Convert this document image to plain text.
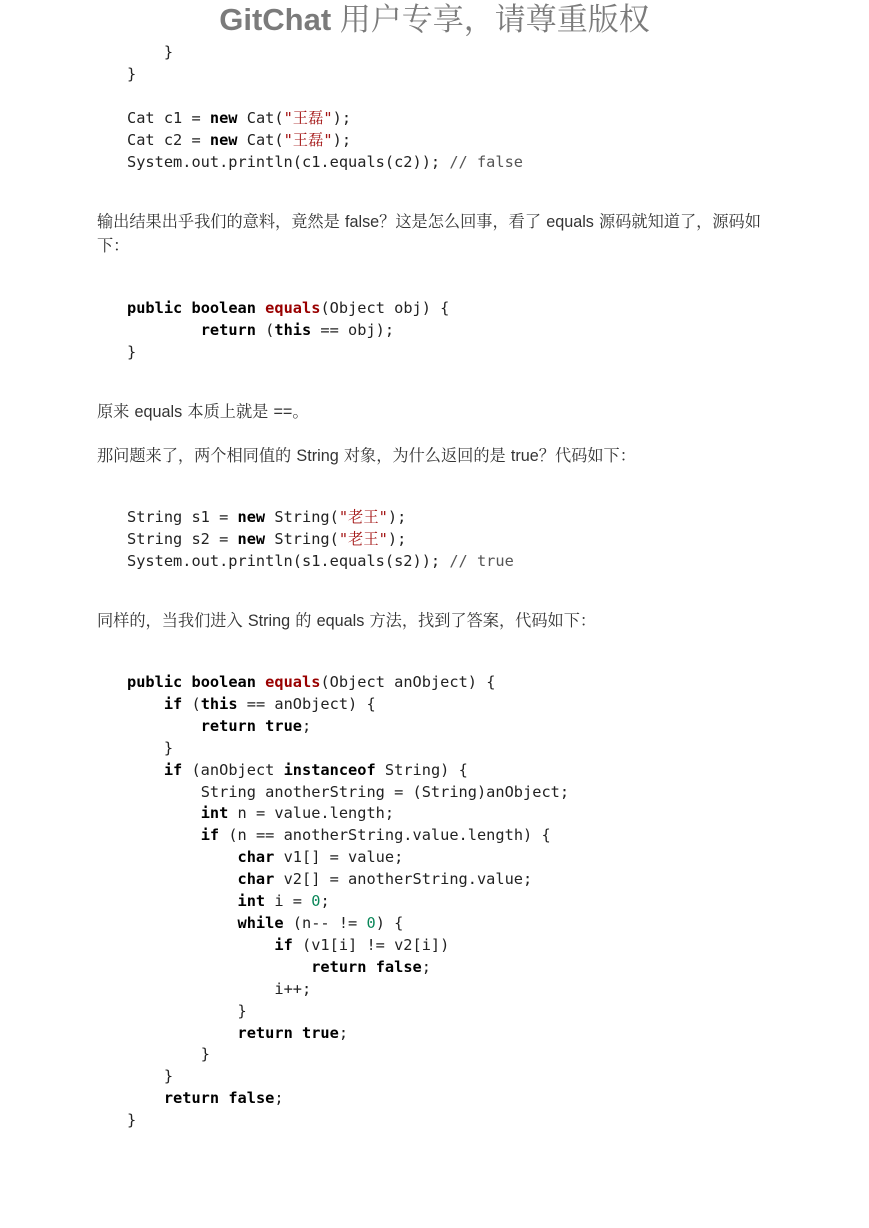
GitChat 用户专享，请尊重版权
}
}

Cat c1 = new Cat("王磊");
Cat c2 = new Cat("王磊");
System.out.println(c1.equals(c2)); // false

输出结果出乎我们的意料，竟然是 false？这是怎么回事，看了 equals 源码就知道了，源码如下：

public boolean equals(Object obj) {
return (this == obj);
}

原来 equals 本质上就是 ==。

那问题来了，两个相同值的 String 对象，为什么返回的是 true？代码如下：

String s1 = new String("老王");
String s2 = new String("老王");
System.out.println(s1.equals(s2)); // true

同样的，当我们进入 String 的 equals 方法，找到了答案，代码如下：

public boolean equals(Object anObject) {
if (this == anObject) {
return true;
}
if (anObject instanceof String) {
String anotherString = (String)anObject;
int n = value.length;
if (n == anotherString.value.length) {
char v1[] = value;
char v2[] = anotherString.value;
int i = 0;
while (n-- != 0) {
if (v1[i] != v2[i])
return false;
i++;
}
return true;
}
}
return false;
}
